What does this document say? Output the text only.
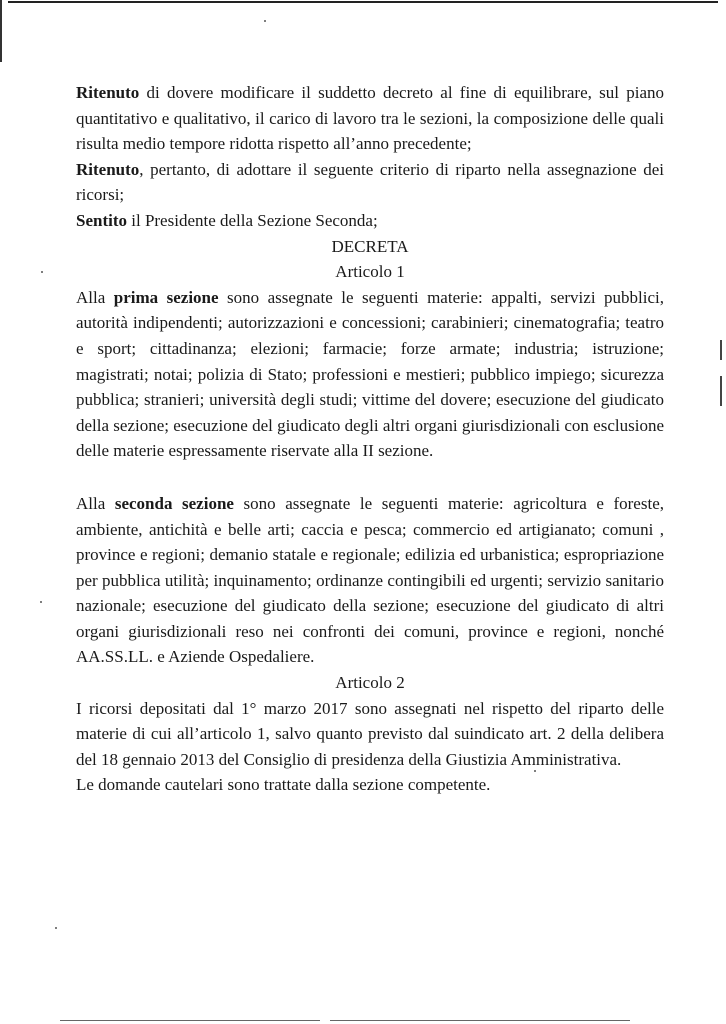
Ritenuto di dovere modificare il suddetto decreto al fine di equilibrare, sul piano quantitativo e qualitativo, il carico di lavoro tra le sezioni, la composizione delle quali risulta medio tempore ridotta rispetto all’anno precedente;

Ritenuto, pertanto, di adottare il seguente criterio di riparto nella assegnazione dei ricorsi;

Sentito il Presidente della Sezione Seconda;

DECRETA

Articolo 1

Alla prima sezione sono assegnate le seguenti materie: appalti, servizi pubblici, autorità indipendenti; autorizzazioni e concessioni; carabinieri; cinematografia; teatro e sport; cittadinanza; elezioni; farmacie; forze armate; industria; istruzione; magistrati; notai; polizia di Stato; professioni e mestieri; pubblico impiego; sicurezza pubblica; stranieri; università degli studi; vittime del dovere; esecuzione del giudicato della sezione; esecuzione del giudicato degli altri organi giurisdizionali con esclusione delle materie espressamente riservate alla II sezione.

Alla seconda sezione sono assegnate le seguenti materie: agricoltura e foreste, ambiente, antichità e belle arti; caccia e pesca; commercio ed artigianato; comuni , province e regioni; demanio statale e regionale; edilizia ed urbanistica; espropriazione per pubblica utilità; inquinamento; ordinanze contingibili ed urgenti; servizio sanitario nazionale; esecuzione del giudicato della sezione; esecuzione del giudicato di altri organi giurisdizionali reso nei confronti dei comuni, province e regioni, nonché AA.SS.LL. e Aziende Ospedaliere.

Articolo 2

I ricorsi depositati dal 1° marzo 2017 sono assegnati nel rispetto del riparto delle materie di cui all’articolo 1, salvo quanto previsto dal suindicato art. 2 della delibera del 18 gennaio 2013 del Consiglio di presidenza della Giustizia Amministrativa.

Le domande cautelari sono trattate dalla sezione competente.
